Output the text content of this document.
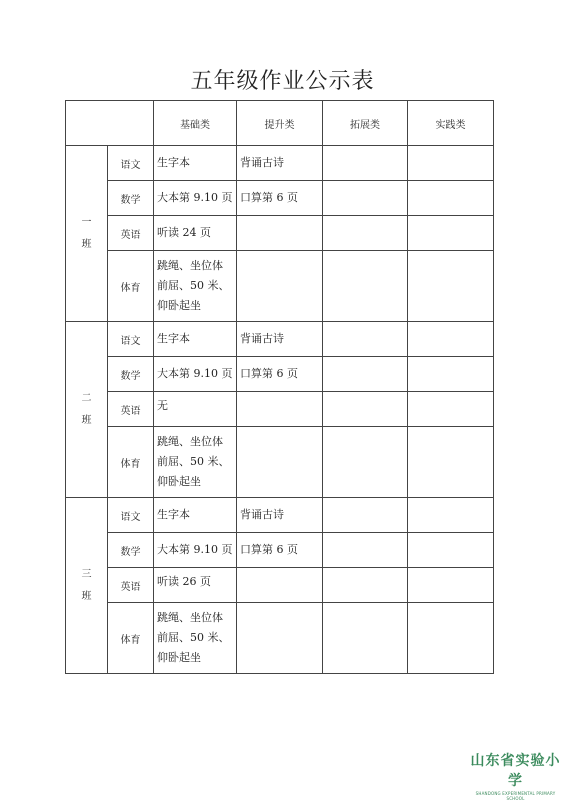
五年级作业公示表
		基础类	提升类	拓展类	实践类
一
班	语文	生字本	背诵古诗		
	数学	大本第 9.10 页	口算第 6 页		
	英语	听读 24 页			
	体育	跳绳、坐位体前屈、50 米、仰卧起坐			
二
班	语文	生字本	背诵古诗		
	数学	大本第 9.10 页	口算第 6 页		
	英语	无			
	体育	跳绳、坐位体前屈、50 米、仰卧起坐			
三
班	语文	生字本	背诵古诗		
	数学	大本第 9.10 页	口算第 6 页		
	英语	听读 26 页			
	体育	跳绳、坐位体前屈、50 米、仰卧起坐			
山东省实验小学
SHANDONG EXPERIMENTAL PRIMARY SCHOOL
